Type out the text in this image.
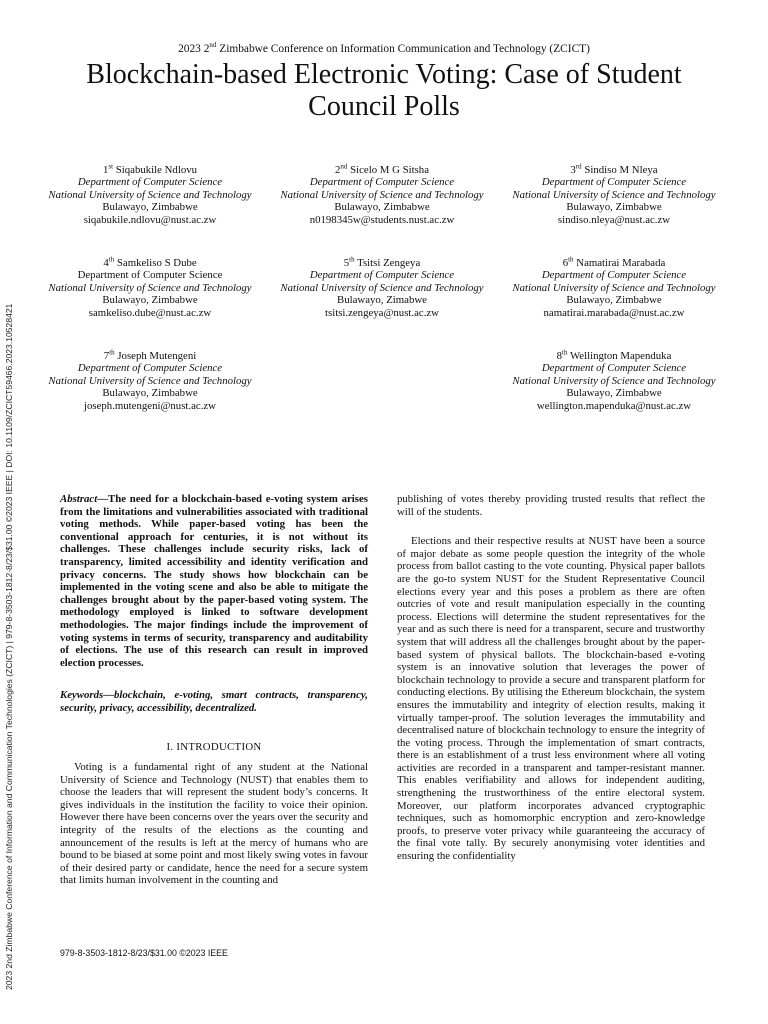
2023 2nd Zimbabwe Conference of Information and Communication Technologies (ZCICT) | 979-8-3503-1812-8/23/$31.00 ©2023 IEEE | DOI: 10.1109/ZCICT59466.2023.10528421
2023 2nd Zimbabwe Conference on Information Communication and Technology (ZCICT)
Blockchain-based Electronic Voting: Case of Student Council Polls
1st Siqabukile Ndlovu
Department of Computer Science
National University of Science and Technology
Bulawayo, Zimbabwe
siqabukile.ndlovu@nust.ac.zw
2nd Sicelo M G Sitsha
Department of Computer Science
National University of Science and Technology
Bulawayo, Zimbabwe
n0198345w@students.nust.ac.zw
3rd Sindiso M Nleya
Department of Computer Science
National University of Science and Technology
Bulawayo, Zimbabwe
sindiso.nleya@nust.ac.zw
4th Samkeliso S Dube
Department of Computer Science
National University of Science and Technology
Bulawayo, Zimbabwe
samkeliso.dube@nust.ac.zw
5th Tsitsi Zengeya
Department of Computer Science
National University of Science and Technology
Bulawayo, Zimabwe
tsitsi.zengeya@nust.ac.zw
6th Namatirai Marabada
Department of Computer Science
National University of Science and Technology
Bulawayo, Zimbabwe
namatirai.marabada@nust.ac.zw
7th Joseph Mutengeni
Department of Computer Science
National University of Science and Technology
Bulawayo, Zimbabwe
joseph.mutengeni@nust.ac.zw
8th Wellington Mapenduka
Department of Computer Science
National University of Science and Technology
Bulawayo, Zimbabwe
wellington.mapenduka@nust.ac.zw

Abstract—The need for a blockchain-based e-voting system arises from the limitations and vulnerabilities associated with traditional voting methods. While paper-based voting has been the conventional approach for centuries, it is not without its challenges. These challenges include security risks, lack of transparency, limited accessibility and identity verification and privacy concerns. The study shows how blockchain can be implemented in the voting scene and also be able to mitigate the challenges brought about by the paper-based voting system. The methodology employed is linked to software development methodologies. The major findings include the improvement of voting systems in terms of security, transparency and auditability of elections. The use of this research can result in improved election processes.

Keywords—blockchain, e-voting, smart contracts, transparency, security, privacy, accessibility, decentralized.

I. INTRODUCTION

Voting is a fundamental right of any student at the National University of Science and Technology (NUST) that enables them to choose the leaders that will represent the student body’s concerns. It gives individuals in the institution the facility to voice their opinion. However there have been concerns over the years over the security and integrity of the results of the elections as the counting and announcement of the results is left at the mercy of humans who are bound to be biased at some point and most likely swing votes in favour of their desired party or candidate, hence the need for a secure system that limits human involvement in the counting and

publishing of votes thereby providing trusted results that reflect the will of the students.

Elections and their respective results at NUST have been a source of major debate as some people question the integrity of the whole process from ballot casting to the vote counting. Physical paper ballots are the go-to system NUST for the Student Representative Council elections every year and this poses a problem as there are often outcries of vote and result manipulation especially in the counting process. Elections will determine the student representatives for the year and as such there is need for a transparent, secure and trustworthy system that will address all the challenges brought about by the paper-based system of physical ballots. The blockchain-based e-voting system is an innovative solution that leverages the power of blockchain technology to provide a secure and transparent platform for conducting elections. By utilising the Ethereum blockchain, the system ensures the immutability and integrity of election results, making it virtually tamper-proof. The solution leverages the immutability and decentralised nature of blockchain technology to ensure the integrity of the voting process. Through the implementation of smart contracts, there is an establishment of a trust less environment where all voting activities are recorded in a transparent and tamper-resistant manner. This enables verifiability and allows for independent auditing, strengthening the trustworthiness of the entire electoral system. Moreover, our platform incorporates advanced cryptographic techniques, such as homomorphic encryption and zero-knowledge proofs, to preserve voter privacy while guaranteeing the accuracy of the final vote tally. By securely anonymising voter identities and ensuring the confidentiality

979-8-3503-1812-8/23/$31.00 ©2023 IEEE
